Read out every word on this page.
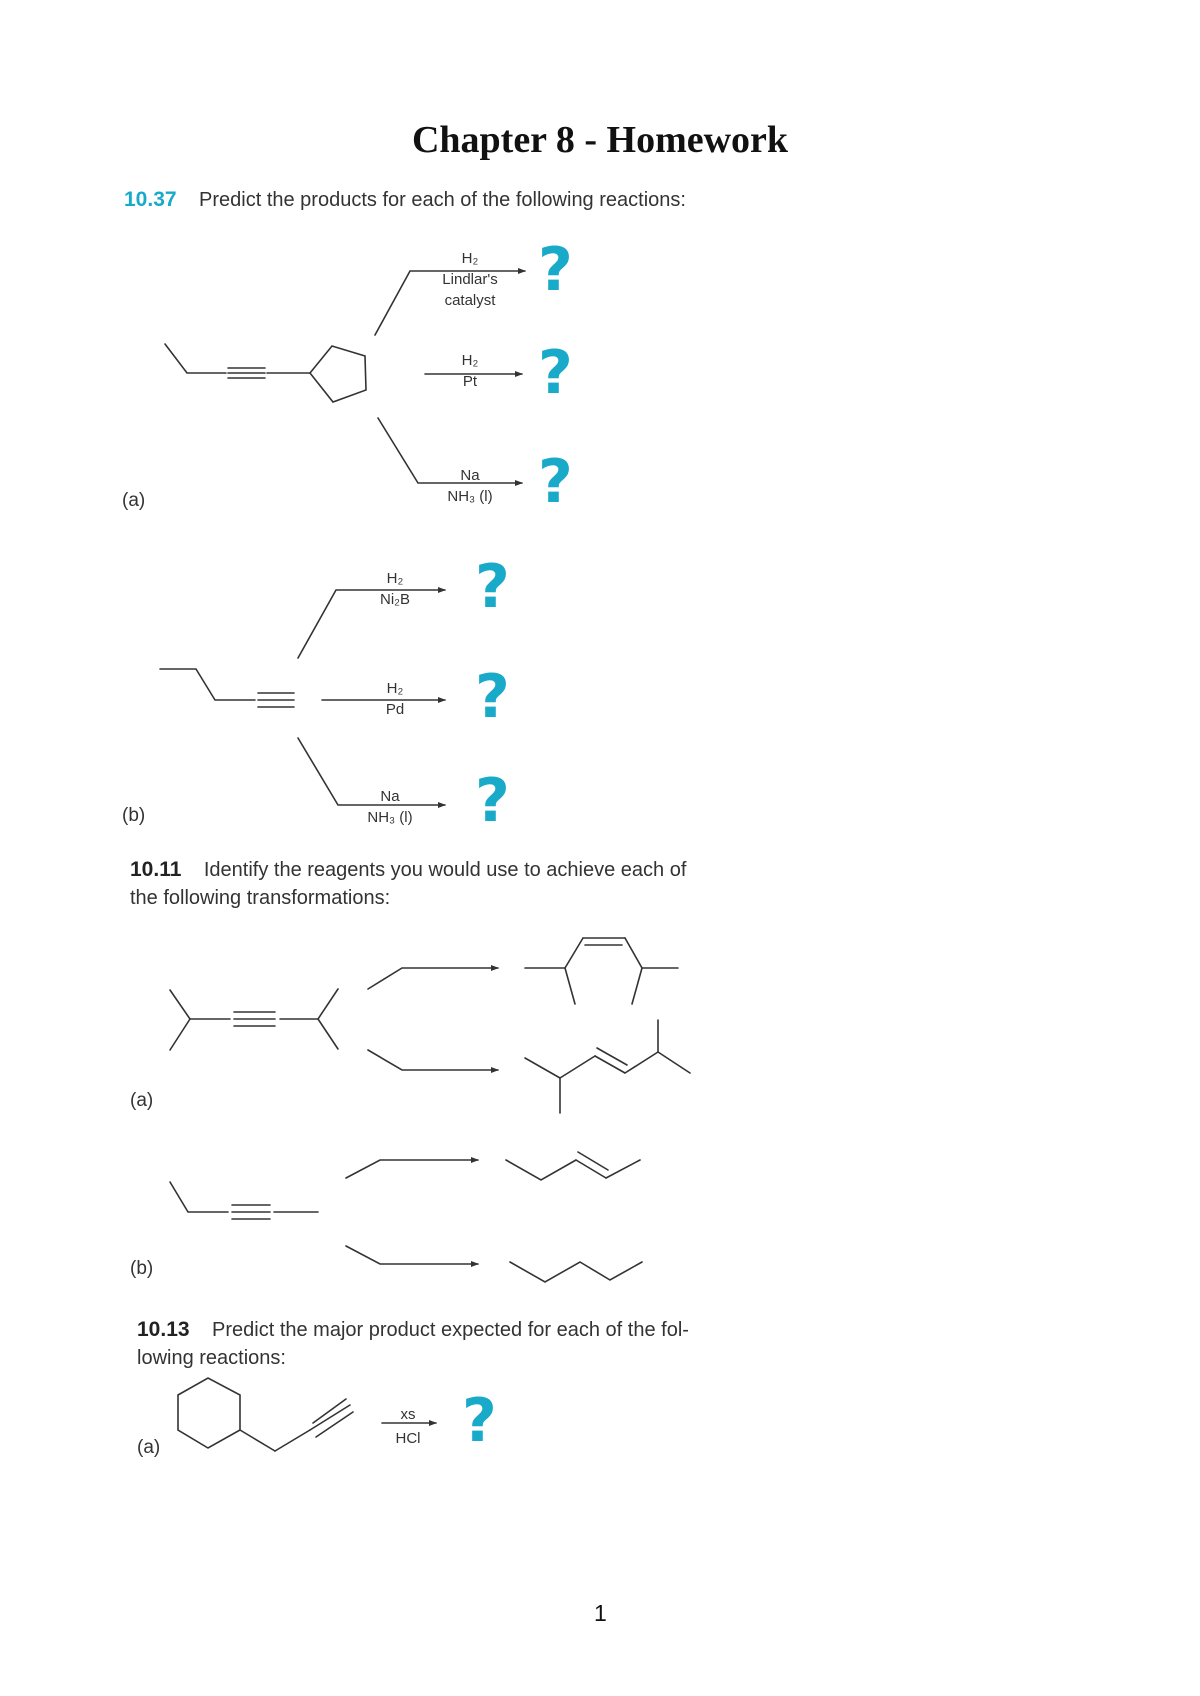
Chapter 8 - Homework
10.37 Predict the products for each of the following reactions:
(a)
(b)
H₂
Lindlar's
catalyst
H₂
Pt
Na
NH₃ (l)
?
?
?
H₂
Ni₂B
H₂
Pd
Na
NH₃ (l)
?
?
?
10.11 Identify the reagents you would use to achieve each of
the following transformations:
(a)
(b)
10.13 Predict the major product expected for each of the fol-
lowing reactions:
(a)
xs
HCl ?
1
